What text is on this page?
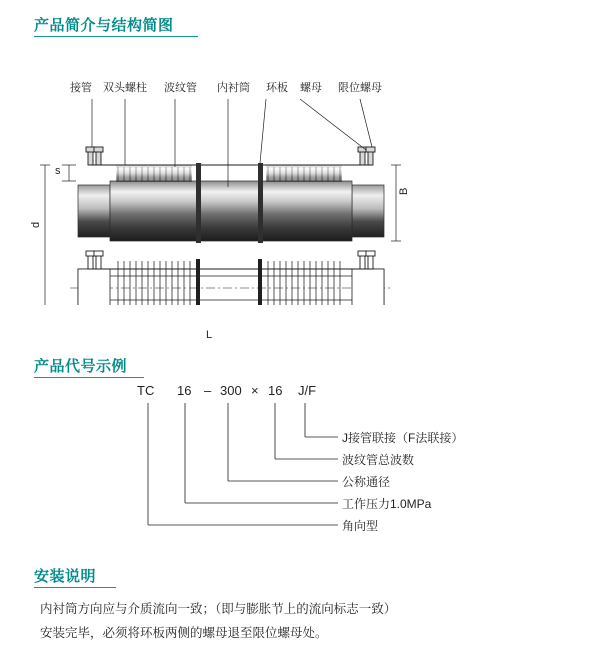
产品简介与结构简图
接管 双头螺柱 波纹管 内衬筒 环板 螺母 限位螺母
s
d
B
L
产品代号示例
TC 16 – 300 × 16 J/F
J接管联接（F法联接）
波纹管总波数
公称通径
工作压力1.0MPa
角向型
安装说明

内衬筒方向应与介质流向一致；（即与膨胀节上的流向标志一致）

安装完毕，必须将环板两侧的螺母退至限位螺母处。
